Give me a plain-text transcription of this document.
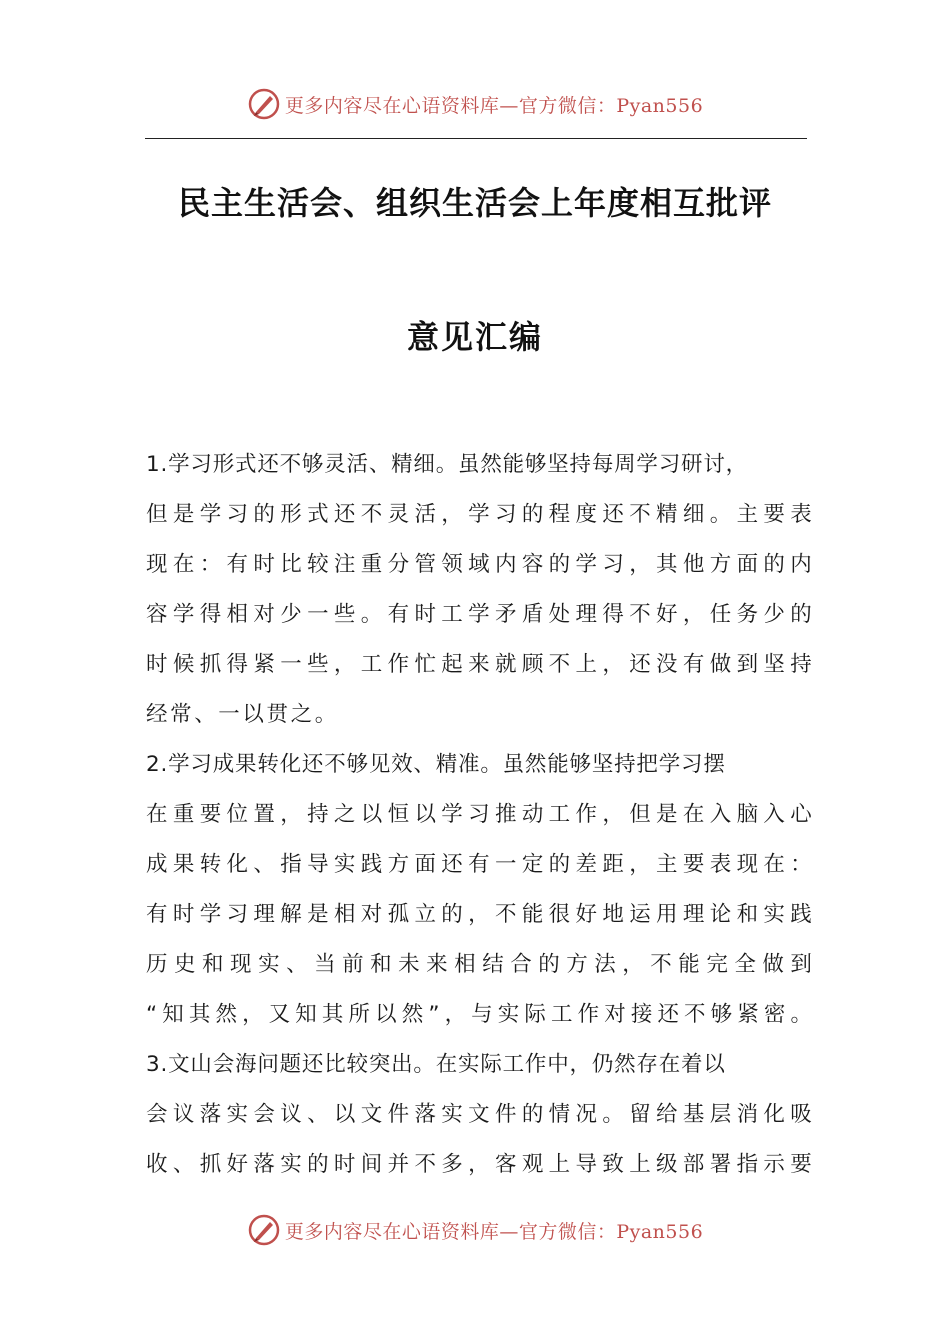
更多内容尽在心语资料库—官方微信：Pyan556
民主生活会、组织生活会上年度相互批评
意见汇编
1.学习形式还不够灵活、精细。虽然能够坚持每周学习研讨，
但 是 学 习 的 形 式 还 不 灵 活 ， 学 习 的 程 度 还 不 精 细 。 主 要 表
现 在 ： 有 时 比 较 注 重 分 管 领 域 内 容 的 学 习 ， 其 他 方 面 的 内
容 学 得 相 对 少 一 些 。 有 时 工 学 矛 盾 处 理 得 不 好 ， 任 务 少 的
时 候 抓 得 紧 一 些 ， 工 作 忙 起 来 就 顾 不 上 ， 还 没 有 做 到 坚 持
经常、一以贯之。
2.学习成果转化还不够见效、精准。虽然能够坚持把学习摆
在 重 要 位 置 ， 持 之 以 恒 以 学 习 推 动 工 作 ， 但 是 在 入 脑 入 心
成 果 转 化 、 指 导 实 践 方 面 还 有 一 定 的 差 距 ， 主 要 表 现 在 ：
有 时 学 习 理 解 是 相 对 孤 立 的 ， 不 能 很 好 地 运 用 理 论 和 实 践
历 史 和 现 实 、 当 前 和 未 来 相 结 合 的 方 法 ， 不 能 完 全 做 到
“ 知 其 然 ， 又 知 其 所 以 然 ” ， 与 实 际 工 作 对 接 还 不 够 紧 密 。
3.文山会海问题还比较突出。在实际工作中，仍然存在着以
会 议 落 实 会 议 、 以 文 件 落 实 文 件 的 情 况 。 留 给 基 层 消 化 吸
收 、 抓 好 落 实 的 时 间 并 不 多 ， 客 观 上 导 致 上 级 部 署 指 示 要
更多内容尽在心语资料库—官方微信：Pyan556
